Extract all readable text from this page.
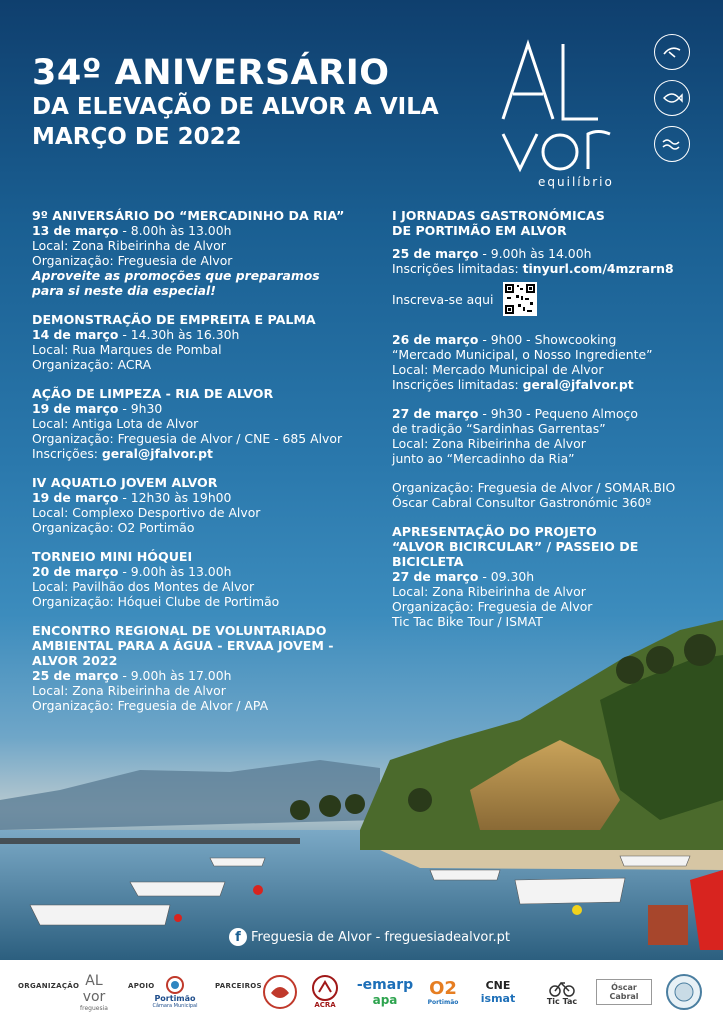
34º ANIVERSÁRIO
DA ELEVAÇÃO DE ALVOR A VILA
MARÇO DE 2022
equilíbrio
9º ANIVERSÁRIO DO “MERCADINHO DA RIA”
13 de março - 8.00h às 13.00h
Local: Zona Ribeirinha de Alvor
Organização: Freguesia de Alvor
Aproveite as promoções que preparamos
para si neste dia especial!
DEMONSTRAÇÃO DE EMPREITA E PALMA
14 de março - 14.30h às 16.30h
Local: Rua Marques de Pombal
Organização: ACRA
AÇÃO DE LIMPEZA - RIA DE ALVOR
19 de março - 9h30
Local: Antiga Lota de Alvor
Organização: Freguesia de Alvor / CNE - 685 Alvor
Inscrições: geral@jfalvor.pt
IV AQUATLO JOVEM ALVOR
19 de março - 12h30 às 19h00
Local: Complexo Desportivo de Alvor
Organização: O2 Portimão
TORNEIO MINI HÓQUEI
20 de março - 9.00h às 13.00h
Local: Pavilhão dos Montes de Alvor
Organização: Hóquei Clube de Portimão
ENCONTRO REGIONAL DE VOLUNTARIADO
AMBIENTAL PARA A ÁGUA - ERVAA JOVEM - ALVOR 2022
25 de março - 9.00h às 17.00h
Local: Zona Ribeirinha de Alvor
Organização: Freguesia de Alvor / APA
I JORNADAS GASTRONÓMICAS
DE PORTIMÃO EM ALVOR
25 de março - 9.00h às 14.00h
Inscrições limitadas: tinyurl.com/4mzrarn8
Inscreva-se aqui
26 de março - 9h00 - Showcooking
“Mercado Municipal, o Nosso Ingrediente”
Local: Mercado Municipal de Alvor
Inscrições limitadas: geral@jfalvor.pt
27 de março - 9h30 - Pequeno Almoço
de tradição “Sardinhas Garrentas”
Local: Zona Ribeirinha de Alvor
junto ao “Mercadinho da Ria”
Organização: Freguesia de Alvor / SOMAR.BIO
Óscar Cabral Consultor Gastronómic 360º
APRESENTAÇÃO DO PROJETO
“ALVOR BICIRCULAR” / PASSEIO DE BICICLETA
27 de março - 09.30h
Local: Zona Ribeirinha de Alvor
Organização: Freguesia de Alvor
Tic Tac Bike Tour / ISMAT
f Freguesia de Alvor - freguesiadealvor.pt
ORGANIZAÇÃO AL vor
freguesia
APOIO
Portimão
Câmara Municipal
PARCEIROS
ACRA
-emarp
apa
O2
Portimão
CNE
ismat	Tic Tac
Óscar Cabral
